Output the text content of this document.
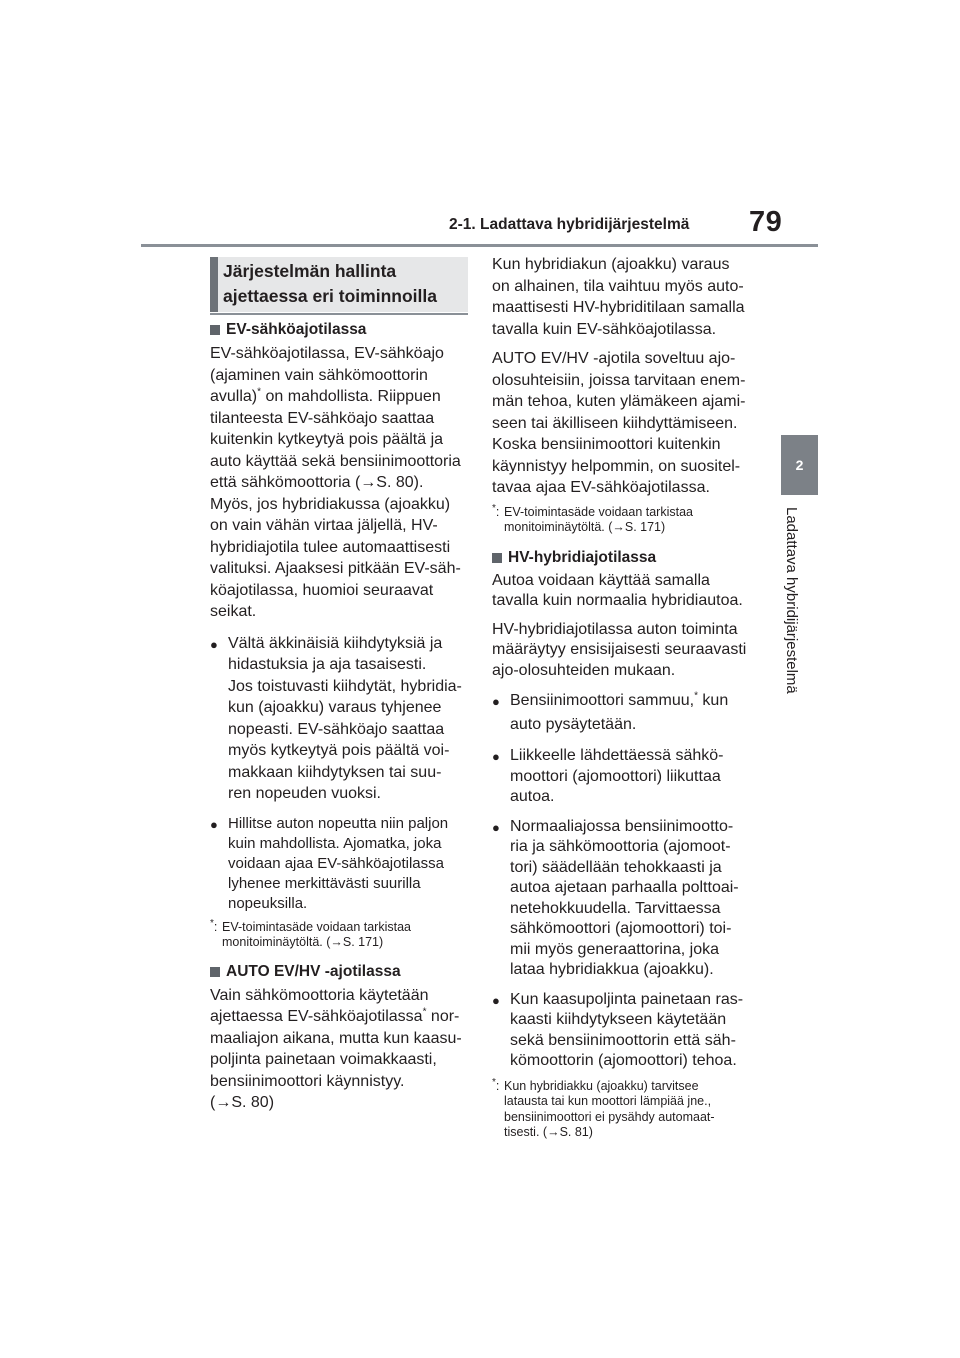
2-1. Ladattava hybridijärjestelmä 79
2
Ladattava hybridijärjestelmä
Järjestelmän hallinta
ajettaessa eri toiminnoilla
EV-sähköajotilassa

EV-sähköajotilassa, EV-sähköajo
(ajaminen vain sähkömoottorin
avulla)* on mahdollista. Riippuen
tilanteesta EV-sähköajo saattaa
kuitenkin kytkeytyä pois päältä ja
auto käyttää sekä bensiinimoottoria
että sähkömoottoria (→S. 80).
Myös, jos hybridiakussa (ajoakku)
on vain vähän virtaa jäljellä, HV-
hybridiajotila tulee automaattisesti
valituksi. Ajaaksesi pitkään EV-säh-
köajotilassa, huomioi seuraavat
seikat.

● Vältä äkkinäisiä kiihdytyksiä ja
hidastuksia ja aja tasaisesti.
Jos toistuvasti kiihdytät, hybridia-
kun (ajoakku) varaus tyhjenee
nopeasti. EV-sähköajo saattaa
myös kytkeytyä pois päältä voi-
makkaan kiihdytyksen tai suu-
ren nopeuden vuoksi.
● Hillitse auton nopeutta niin paljon
kuin mahdollista. Ajomatka, joka
voidaan ajaa EV-sähköajotilassa
lyhenee merkittävästi suurilla
nopeuksilla.
*: EV-toimintasäde voidaan tarkistaa
monitoiminäytöltä. (→S. 171)
AUTO EV/HV -ajotilassa

Vain sähkömoottoria käytetään
ajettaessa EV-sähköajotilassa* nor-
maaliajon aikana, mutta kun kaasu-
poljinta painetaan voimakkaasti,
bensiinimoottori käynnistyy.
(→S. 80)

Kun hybridiakun (ajoakku) varaus
on alhainen, tila vaihtuu myös auto-
maattisesti HV-hybriditilaan samalla
tavalla kuin EV-sähköajotilassa.

AUTO EV/HV -ajotila soveltuu ajo-
olosuhteisiin, joissa tarvitaan enem-
män tehoa, kuten ylämäkeen ajami-
seen tai äkilliseen kiihdyttämiseen.
Koska bensiinimoottori kuitenkin
käynnistyy helpommin, on suositel-
tavaa ajaa EV-sähköajotilassa.

*: EV-toimintasäde voidaan tarkistaa
monitoiminäytöltä. (→S. 171)
HV-hybridiajotilassa

Autoa voidaan käyttää samalla
tavalla kuin normaalia hybridiautoa.

HV-hybridiajotilassa auton toiminta
määräytyy ensisijaisesti seuraavasti
ajo-olosuhteiden mukaan.

● Bensiinimoottori sammuu,* kun
auto pysäytetään.
● Liikkeelle lähdettäessä sähkö-
moottori (ajomoottori) liikuttaa
autoa.
● Normaaliajossa bensiinimootto-
ria ja sähkömoottoria (ajomoot-
tori) säädellään tehokkaasti ja
autoa ajetaan parhaalla polttoai-
netehokkuudella. Tarvittaessa
sähkömoottori (ajomoottori) toi-
mii myös generaattorina, joka
lataa hybridiakkua (ajoakku).
● Kun kaasupoljinta painetaan ras-
kaasti kiihdytykseen käytetään
sekä bensiinimoottorin että säh-
kömoottorin (ajomoottori) tehoa.
*: Kun hybridiakku (ajoakku) tarvitsee
latausta tai kun moottori lämpiää jne.,
bensiinimoottori ei pysähdy automaat-
tisesti. (→S. 81)
